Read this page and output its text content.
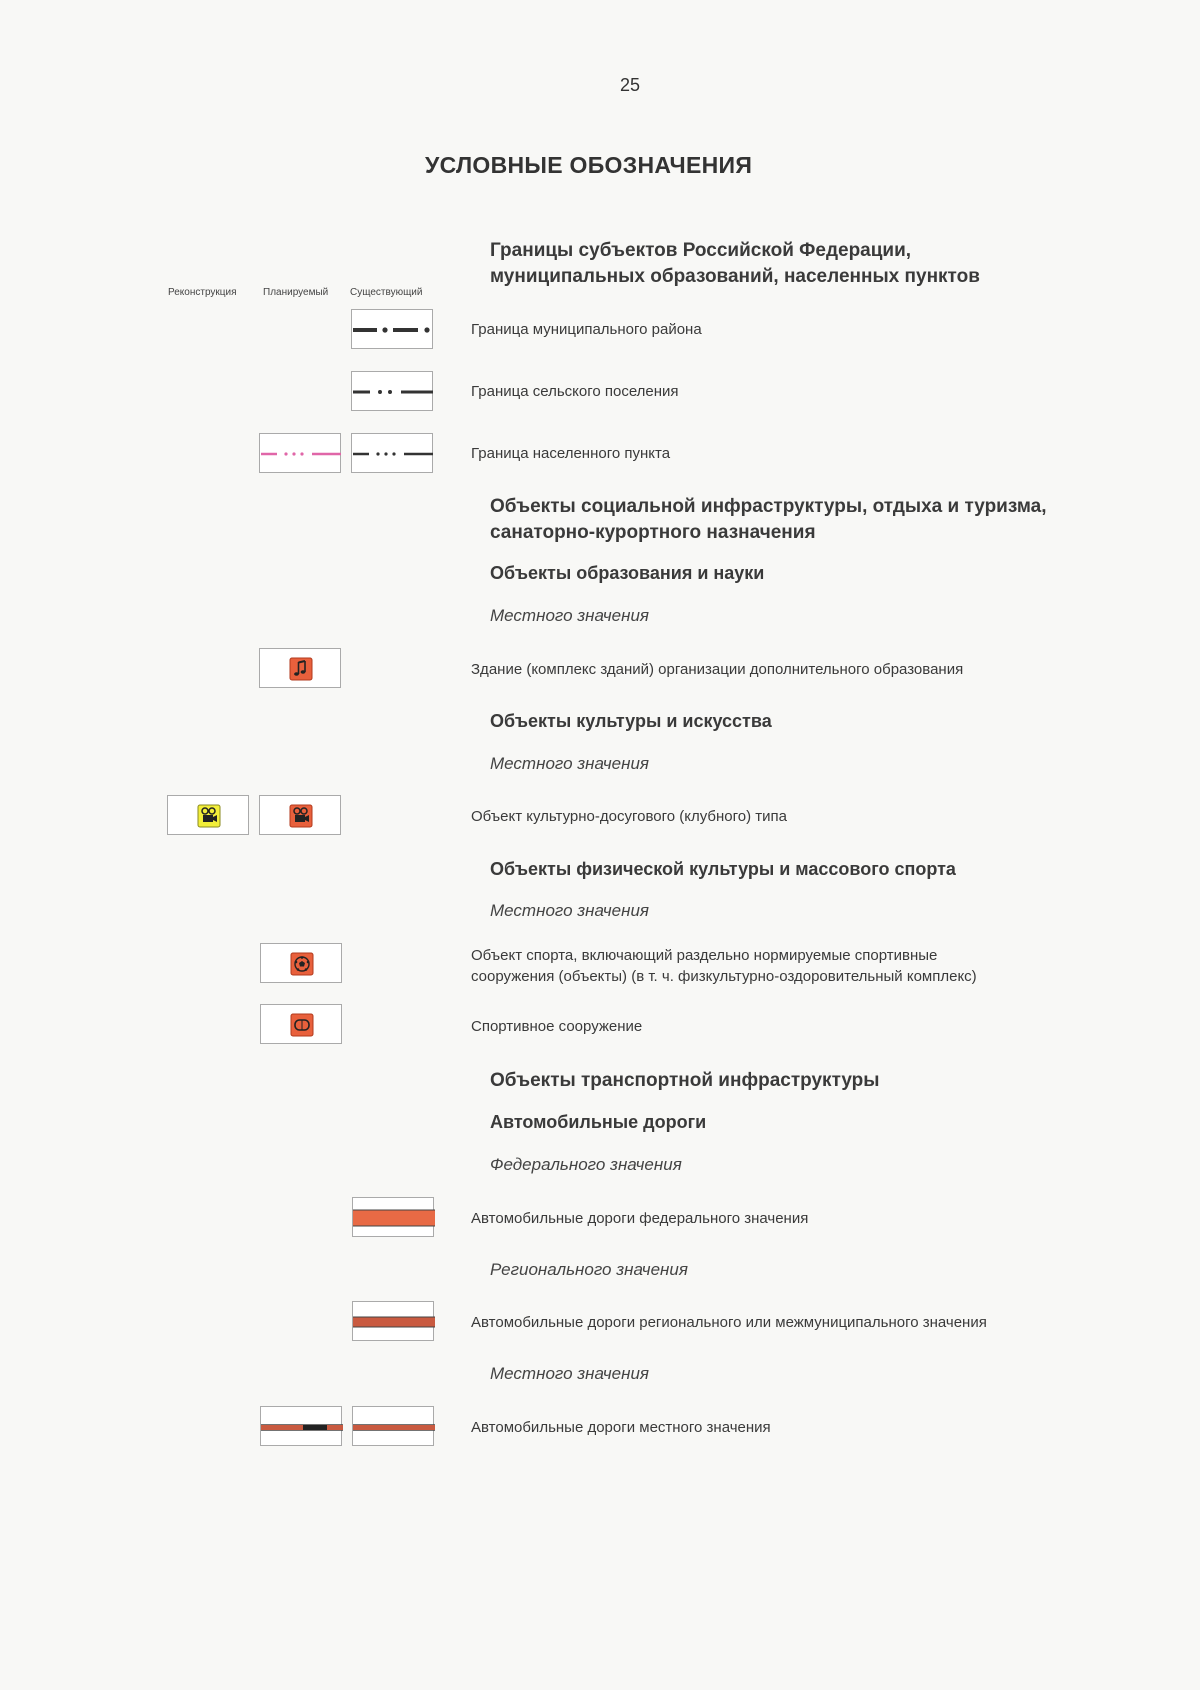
25
УСЛОВНЫЕ ОБОЗНАЧЕНИЯ
Реконструкция	Планируемый Существующий
Границы субъектов Российской Федерации,
муниципальных образований, населенных пунктов
Граница муниципального района
Граница сельского поселения
Граница населенного пункта
Объекты социальной инфраструктуры, отдыха и туризма,
санаторно-курортного назначения
Объекты образования и науки
Местного значения
Здание (комплекс зданий) организации дополнительного образования
Объекты культуры и искусства
Местного значения
Объект культурно-досугового (клубного) типа
Объекты физической культуры и массового спорта
Местного значения
Объект спорта, включающий раздельно нормируемые спортивные
сооружения (объекты) (в т. ч. физкультурно-оздоровительный комплекс)
Спортивное сооружение
Объекты транспортной инфраструктуры
Автомобильные дороги
Федерального значения
Автомобильные дороги федерального значения
Регионального значения
Автомобильные дороги регионального или межмуниципального значения
Местного значения
Автомобильные дороги местного значения
